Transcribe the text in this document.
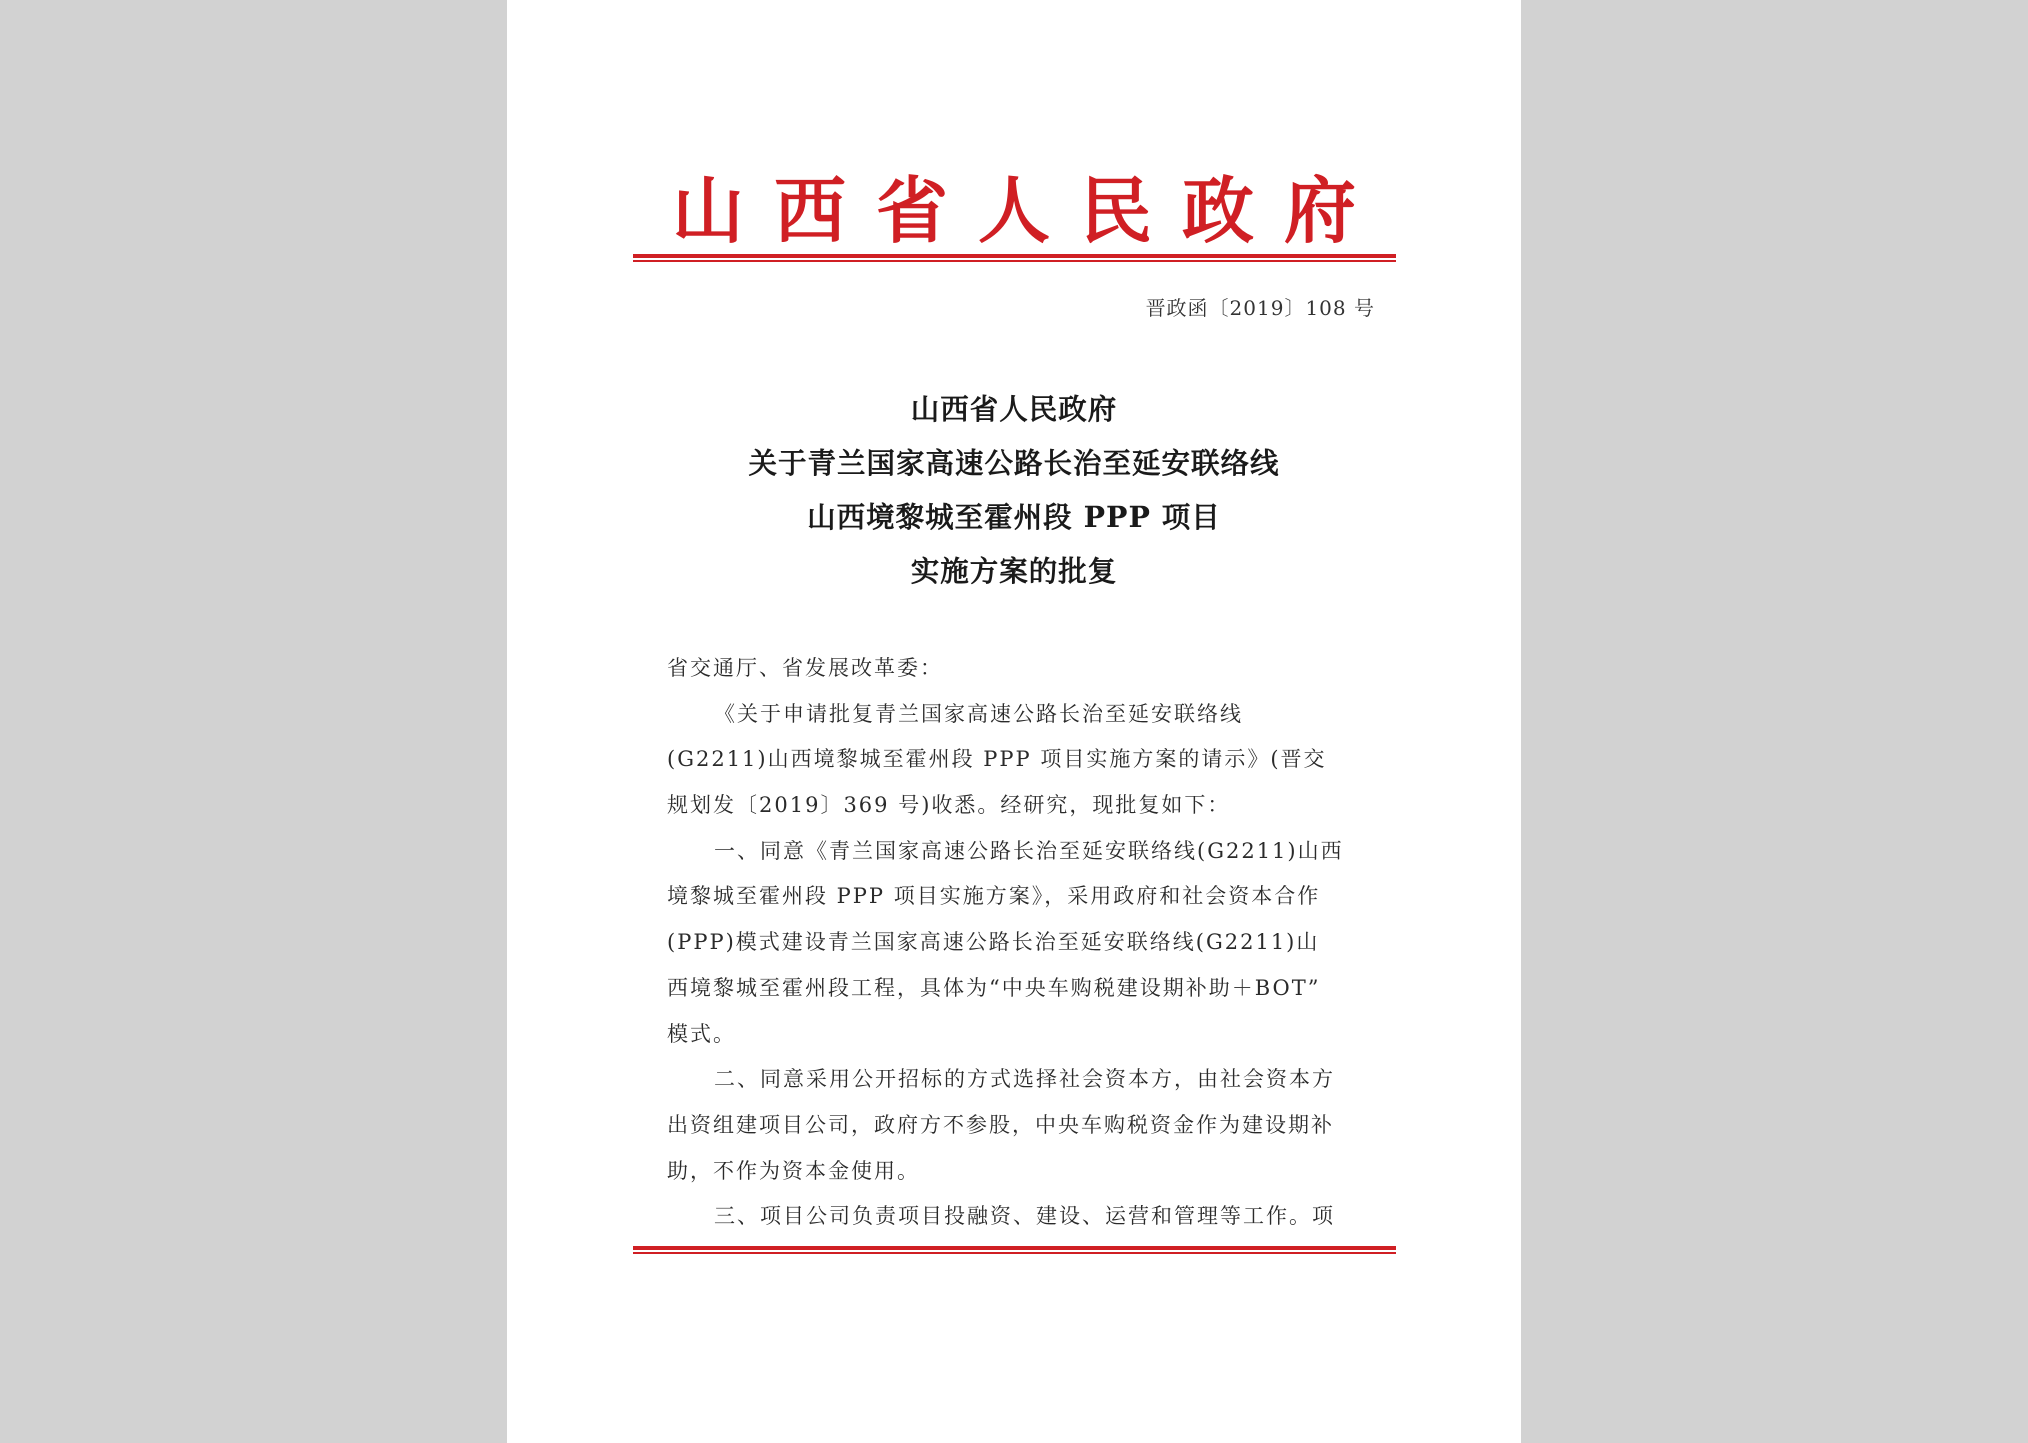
山西省人民政府
晋政函〔2019〕108 号
山西省人民政府
关于青兰国家高速公路长治至延安联络线
山西境黎城至霍州段 PPP 项目
实施方案的批复
省交通厅、省发展改革委：
《关于申请批复青兰国家高速公路长治至延安联络线
(G2211)山西境黎城至霍州段 PPP 项目实施方案的请示》(晋交
规划发〔2019〕369 号)收悉。经研究，现批复如下：
一、同意《青兰国家高速公路长治至延安联络线(G2211)山西
境黎城至霍州段 PPP 项目实施方案》，采用政府和社会资本合作
(PPP)模式建设青兰国家高速公路长治至延安联络线(G2211)山
西境黎城至霍州段工程，具体为“中央车购税建设期补助＋BOT”
模式。
二、同意采用公开招标的方式选择社会资本方，由社会资本方
出资组建项目公司，政府方不参股，中央车购税资金作为建设期补
助，不作为资本金使用。
三、项目公司负责项目投融资、建设、运营和管理等工作。项
